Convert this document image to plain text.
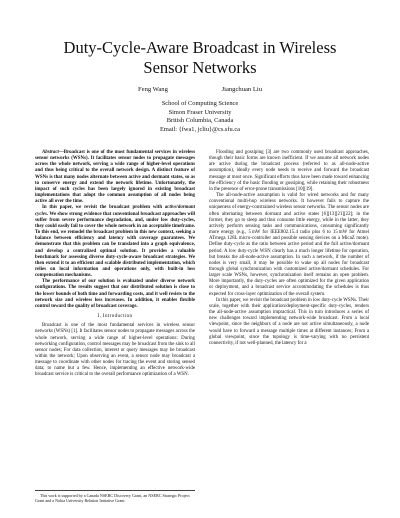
Duty-Cycle-Aware Broadcast in Wireless
Sensor Networks
Feng Wang	Jiangchuan Liu
School of Computing Science
Simon Fraser University
British Columbia, Canada
Email: {fwa1, jcliu}@cs.sfu.ca

Abstract—Broadcast is one of the most fundamental services in wireless sensor networks (WSNs). It facilitates sensor nodes to propagate messages across the whole network, serving a wide range of higher-level operations and thus being critical to the overall network design. A distinct feature of WSNs is that many nodes alternate between active and dormant states, so as to conserve energy and extend the network lifetime. Unfortunately, the impact of such cycles has been largely ignored in existing broadcast implementations that adopt the common assumption of all nodes being active all over the time.

In this paper, we revisit the broadcast problem with active/dormant cycles. We show strong evidence that conventional broadcast approaches will suffer from severe performance degradation, and, under low duty-cycles, they could easily fail to cover the whole network in an acceptable timeframe. To this end, we remodel the broadcast problem in this new context, seeking a balance between efficiency and latency with coverage guarantees. We demonstrate that this problem can be translated into a graph equivalence, and develop a centralized optimal solution. It provides a valuable benchmark for assessing diverse duty-cycle-aware broadcast strategies. We then extend it to an efficient and scalable distributed implementation, which relies on local information and operations only, with built-in loss compensation mechanisms.

The performance of our solution is evaluated under diverse network configurations. The results suggest that our distributed solution is close to the lower bounds of both time and forwarding costs, and it well resists to the network size and wireless loss increases. In addition, it enables flexible control toward the quality of broadcast coverage.

I. Introduction

Broadcast is one of the most fundamental services in wireless sensor networks (WSNs) [1]. It facilitates sensor nodes to propagate messages across the whole network, serving a wide range of higher-level operations: During networking configuration, control messages may be broadcast from the sink to all sensor nodes; For data collection, interest or query messages may be broadcast within the network; Upon observing an event, a sensor node may broadcast a message to coordinate with other nodes for tracing the event and storing sensed data; to name but a few. Hence, implementing an effective network-wide broadcast service is critical to the overall performance optimization of a WSN.

This work is supported by a Canada NSERC Discovery Grant, an NSERC Strategic Project Grant and a Nokia University Relation Initiative Grant.

Flooding and gossiping [3] are two commonly used broadcast approaches, though their basic forms are known inefficient. If we assume all network nodes are active during the broadcast process (referred to as all-node-active assumption), ideally every node needs to receive and forward the broadcast message at most once. Significant efforts thus have been made toward enhancing the efficiency of the basic flooding or gossiping, while retaining their robustness in the presence of error-prone transmissions [10][19].

The all-node-active assumption is valid for wired networks and for many conventional multi-hop wireless networks. It however fails to capture the uniqueness of energy-constrained wireless sensor networks. The sensor nodes are often alternating between dormant and active states [6][13][21][22]; in the former, they go to sleep and thus consume little energy, while in the latter, they actively perform sensing tasks and communications, consuming significantly more energy (e.g., 5 mW for IEEE802.15.4 radio plus 6 to 15 mW for Atmel ATmega 128L micro-controller and possible sensing devices on a MicaZ mote). Define duty-cycle as the ratio between active period and the full active/dormant period. A low duty-cycle WSN clearly has a much longer lifetime for operation, but breaks the all-node-active assumption. In such a network, if the number of nodes is very small, it may be possible to wake up all nodes for broadcast through global synchronization with customized active/dormant schedules. For larger scale WSNs, however, synchronization itself remains an open problem. More importantly, the duty-cycles are often optimized for the given application or deployment, and a broadcast service accommodating the schedules is thus expected for cross-layer optimization of the overall system.

In this paper, we revisit the broadcast problem in low duty-cycle WSNs. Their scale, together with their application/deployment-specific duty-cycles, renders the all-node-active assumption impractical. This in turn introduces a series of new challenges toward implementing network-wide broadcast. From a local viewpoint, since the neighbors of a node are not active simultaneously, a node would have to forward a message multiple times at different instances; From a global viewpoint, since the topology is time-varying with no persistent connectivity, if not well-planned, the latency for a
